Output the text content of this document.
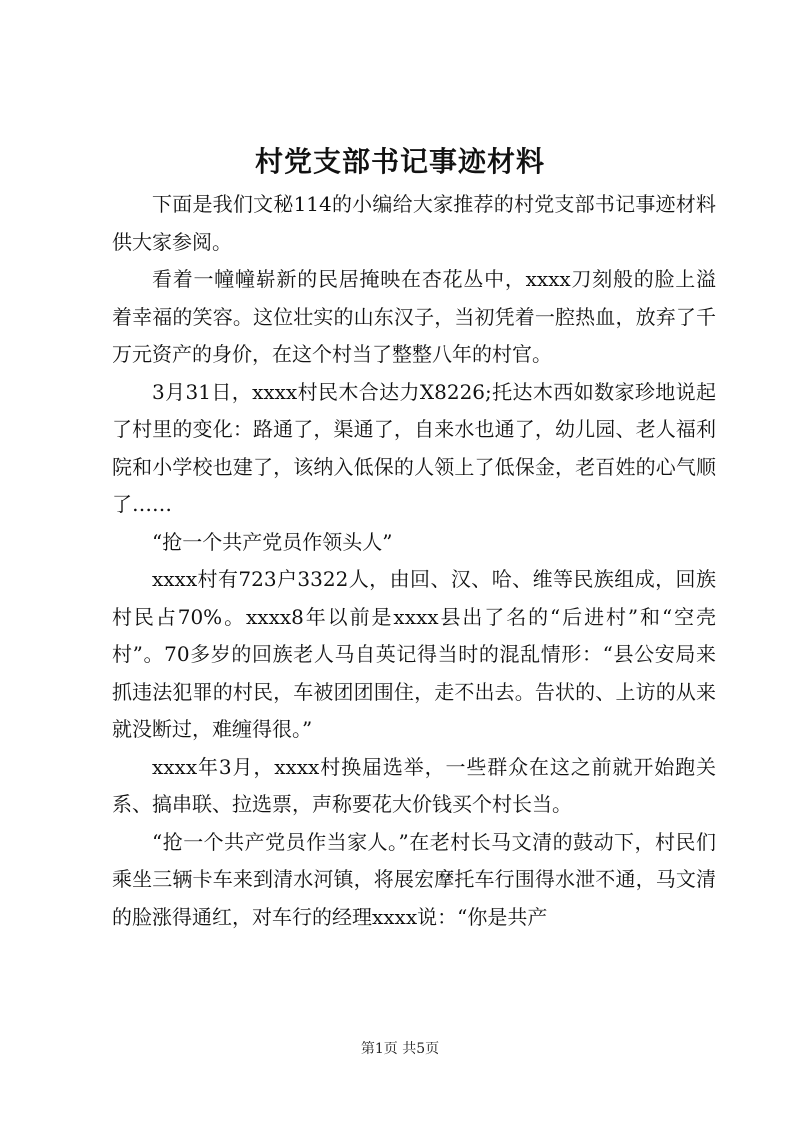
村党支部书记事迹材料

下面是我们文秘114的小编给大家推荐的村党支部书记事迹材料供大家参阅。

看着一幢幢崭新的民居掩映在杏花丛中，xxxx刀刻般的脸上溢着幸福的笑容。这位壮实的山东汉子，当初凭着一腔热血，放弃了千万元资产的身价，在这个村当了整整八年的村官。

3月31日，xxxx村民木合达力X8226;托达木西如数家珍地说起了村里的变化：路通了，渠通了，自来水也通了，幼儿园、老人福利院和小学校也建了，该纳入低保的人领上了低保金，老百姓的心气顺了……

“抢一个共产党员作领头人”

xxxx村有723户3322人，由回、汉、哈、维等民族组成，回族村民占70%。xxxx8年以前是xxxx县出了名的“后进村”和“空壳村”。70多岁的回族老人马自英记得当时的混乱情形：“县公安局来抓违法犯罪的村民，车被团团围住，走不出去。告状的、上访的从来就没断过，难缠得很。”

xxxx年3月，xxxx村换届选举，一些群众在这之前就开始跑关系、搞串联、拉选票，声称要花大价钱买个村长当。

“抢一个共产党员作当家人。”在老村长马文清的鼓动下，村民们乘坐三辆卡车来到清水河镇，将展宏摩托车行围得水泄不通，马文清的脸涨得通红，对车行的经理xxxx说：“你是共产

第1页 共5页
